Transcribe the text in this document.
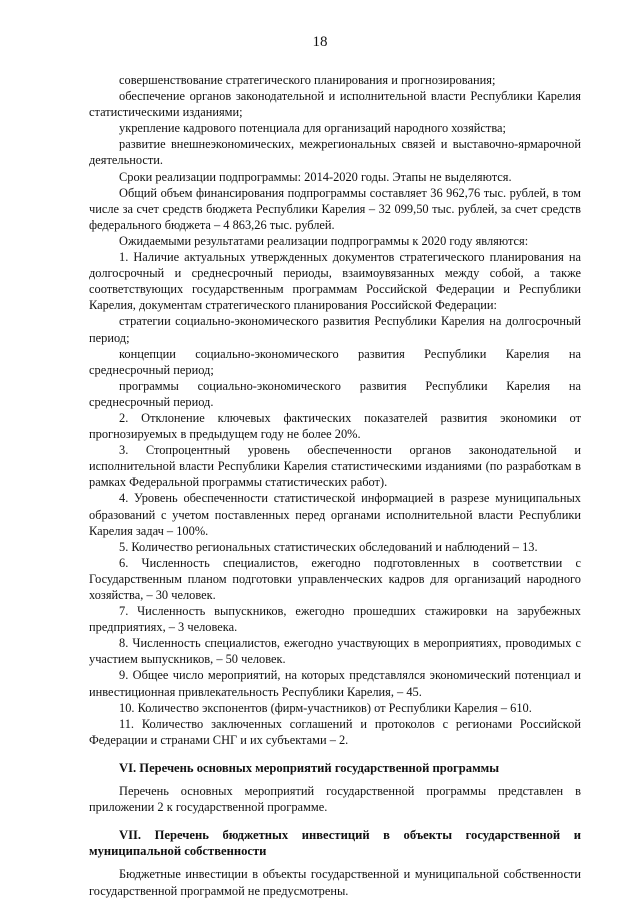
18

совершенствование стратегического планирования и прогнозирования;

обеспечение органов законодательной и исполнительной власти Республики Карелия статистическими изданиями;

укрепление кадрового потенциала для организаций народного хозяйства;

развитие внешнеэкономических, межрегиональных связей и выставочно-ярмарочной деятельности.

Сроки реализации подпрограммы: 2014-2020 годы. Этапы не выделяются.

Общий объем финансирования подпрограммы составляет 36 962,76 тыс. рублей, в том числе за счет средств бюджета Республики Карелия – 32 099,50 тыс. рублей, за счет средств федерального бюджета – 4 863,26 тыс. рублей.

Ожидаемыми результатами реализации подпрограммы к 2020 году являются:

1. Наличие актуальных утвержденных документов стратегического планирования на долгосрочный и среднесрочный периоды, взаимоувязанных между собой, а также соответствующих государственным программам Российской Федерации и Республики Карелия, документам стратегического планирования Российской Федерации:

стратегии социально-экономического развития Республики Карелия на долгосрочный период;

концепции социально-экономического развития Республики Карелия на среднесрочный период;

программы социально-экономического развития Республики Карелия на среднесрочный период.

2. Отклонение ключевых фактических показателей развития экономики от прогнозируемых в предыдущем году не более 20%.

3. Стопроцентный уровень обеспеченности органов законодательной и исполнительной власти Республики Карелия статистическими изданиями (по разработкам в рамках Федеральной программы статистических работ).

4. Уровень обеспеченности статистической информацией в разрезе муниципальных образований с учетом поставленных перед органами исполнительной власти Республики Карелия задач – 100%.

5. Количество региональных статистических обследований и наблюдений – 13.

6. Численность специалистов, ежегодно подготовленных в соответствии с Государственным планом подготовки управленческих кадров для организаций народного хозяйства, – 30 человек.

7. Численность выпускников, ежегодно прошедших стажировки на зарубежных предприятиях, – 3 человека.

8. Численность специалистов, ежегодно участвующих в мероприятиях, проводимых с участием выпускников, – 50 человек.

9. Общее число мероприятий, на которых представлялся экономический потенциал и инвестиционная привлекательность Республики Карелия, – 45.

10. Количество экспонентов (фирм-участников) от Республики Карелия – 610.

11. Количество заключенных соглашений и протоколов с регионами Российской Федерации и странами СНГ и их субъектами – 2.

VI. Перечень основных мероприятий государственной программы

Перечень основных мероприятий государственной программы представлен в приложении 2 к государственной программе.

VII. Перечень бюджетных инвестиций в объекты государственной и муниципальной собственности

Бюджетные инвестиции в объекты государственной и муниципальной собственности государственной программой не предусмотрены.
